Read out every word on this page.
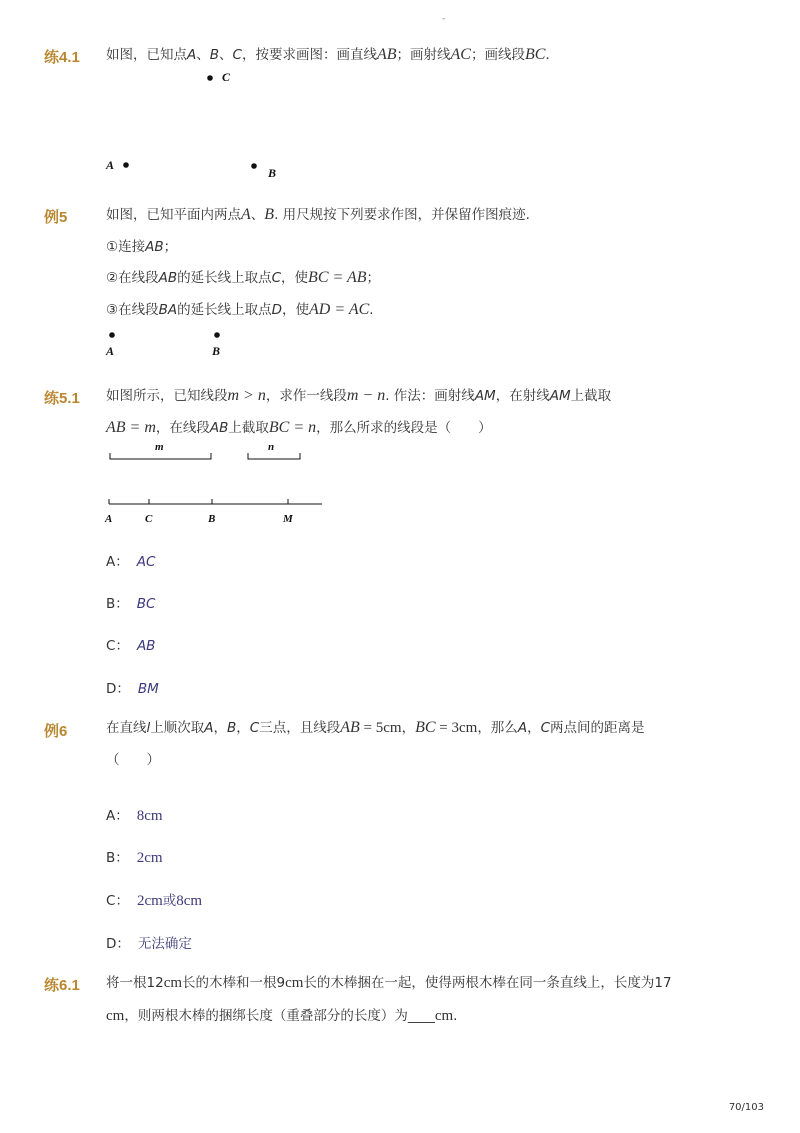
-
练4.1 如图，已知点A、B、C，按要求画图：画直线AB；画射线AC；画线段BC.
C
A
B
例5	如图，已知平面内两点A、B. 用尺规按下列要求作图，并保留作图痕迹.
①连接AB；
②在线段AB的延长线上取点C，使BC = AB；
③在线段BA的延长线上取点D，使AD = AC.
A	B
练5.1 如图所示，已知线段m > n，求作一线段m − n. 作法：画射线AM，在射线AM上截取
AB = m，在线段AB上截取BC = n，那么所求的线段是（　　）
m	n
A	C	B	M
A： AC
B： BC
C： AB
D： BM
例6	在直线l上顺次取A，B，C三点，且线段AB = 5cm，BC = 3cm，那么A，C两点间的距离是
（　　）
A： 8cm
B： 2cm
C： 2cm或8cm
D： 无法确定
练6.1 将一根12cm长的木棒和一根9cm长的木棒捆在一起，使得两根木棒在同一条直线上，长度为17
cm，则两根木棒的捆绑长度（重叠部分的长度）为____cm.
70/103
